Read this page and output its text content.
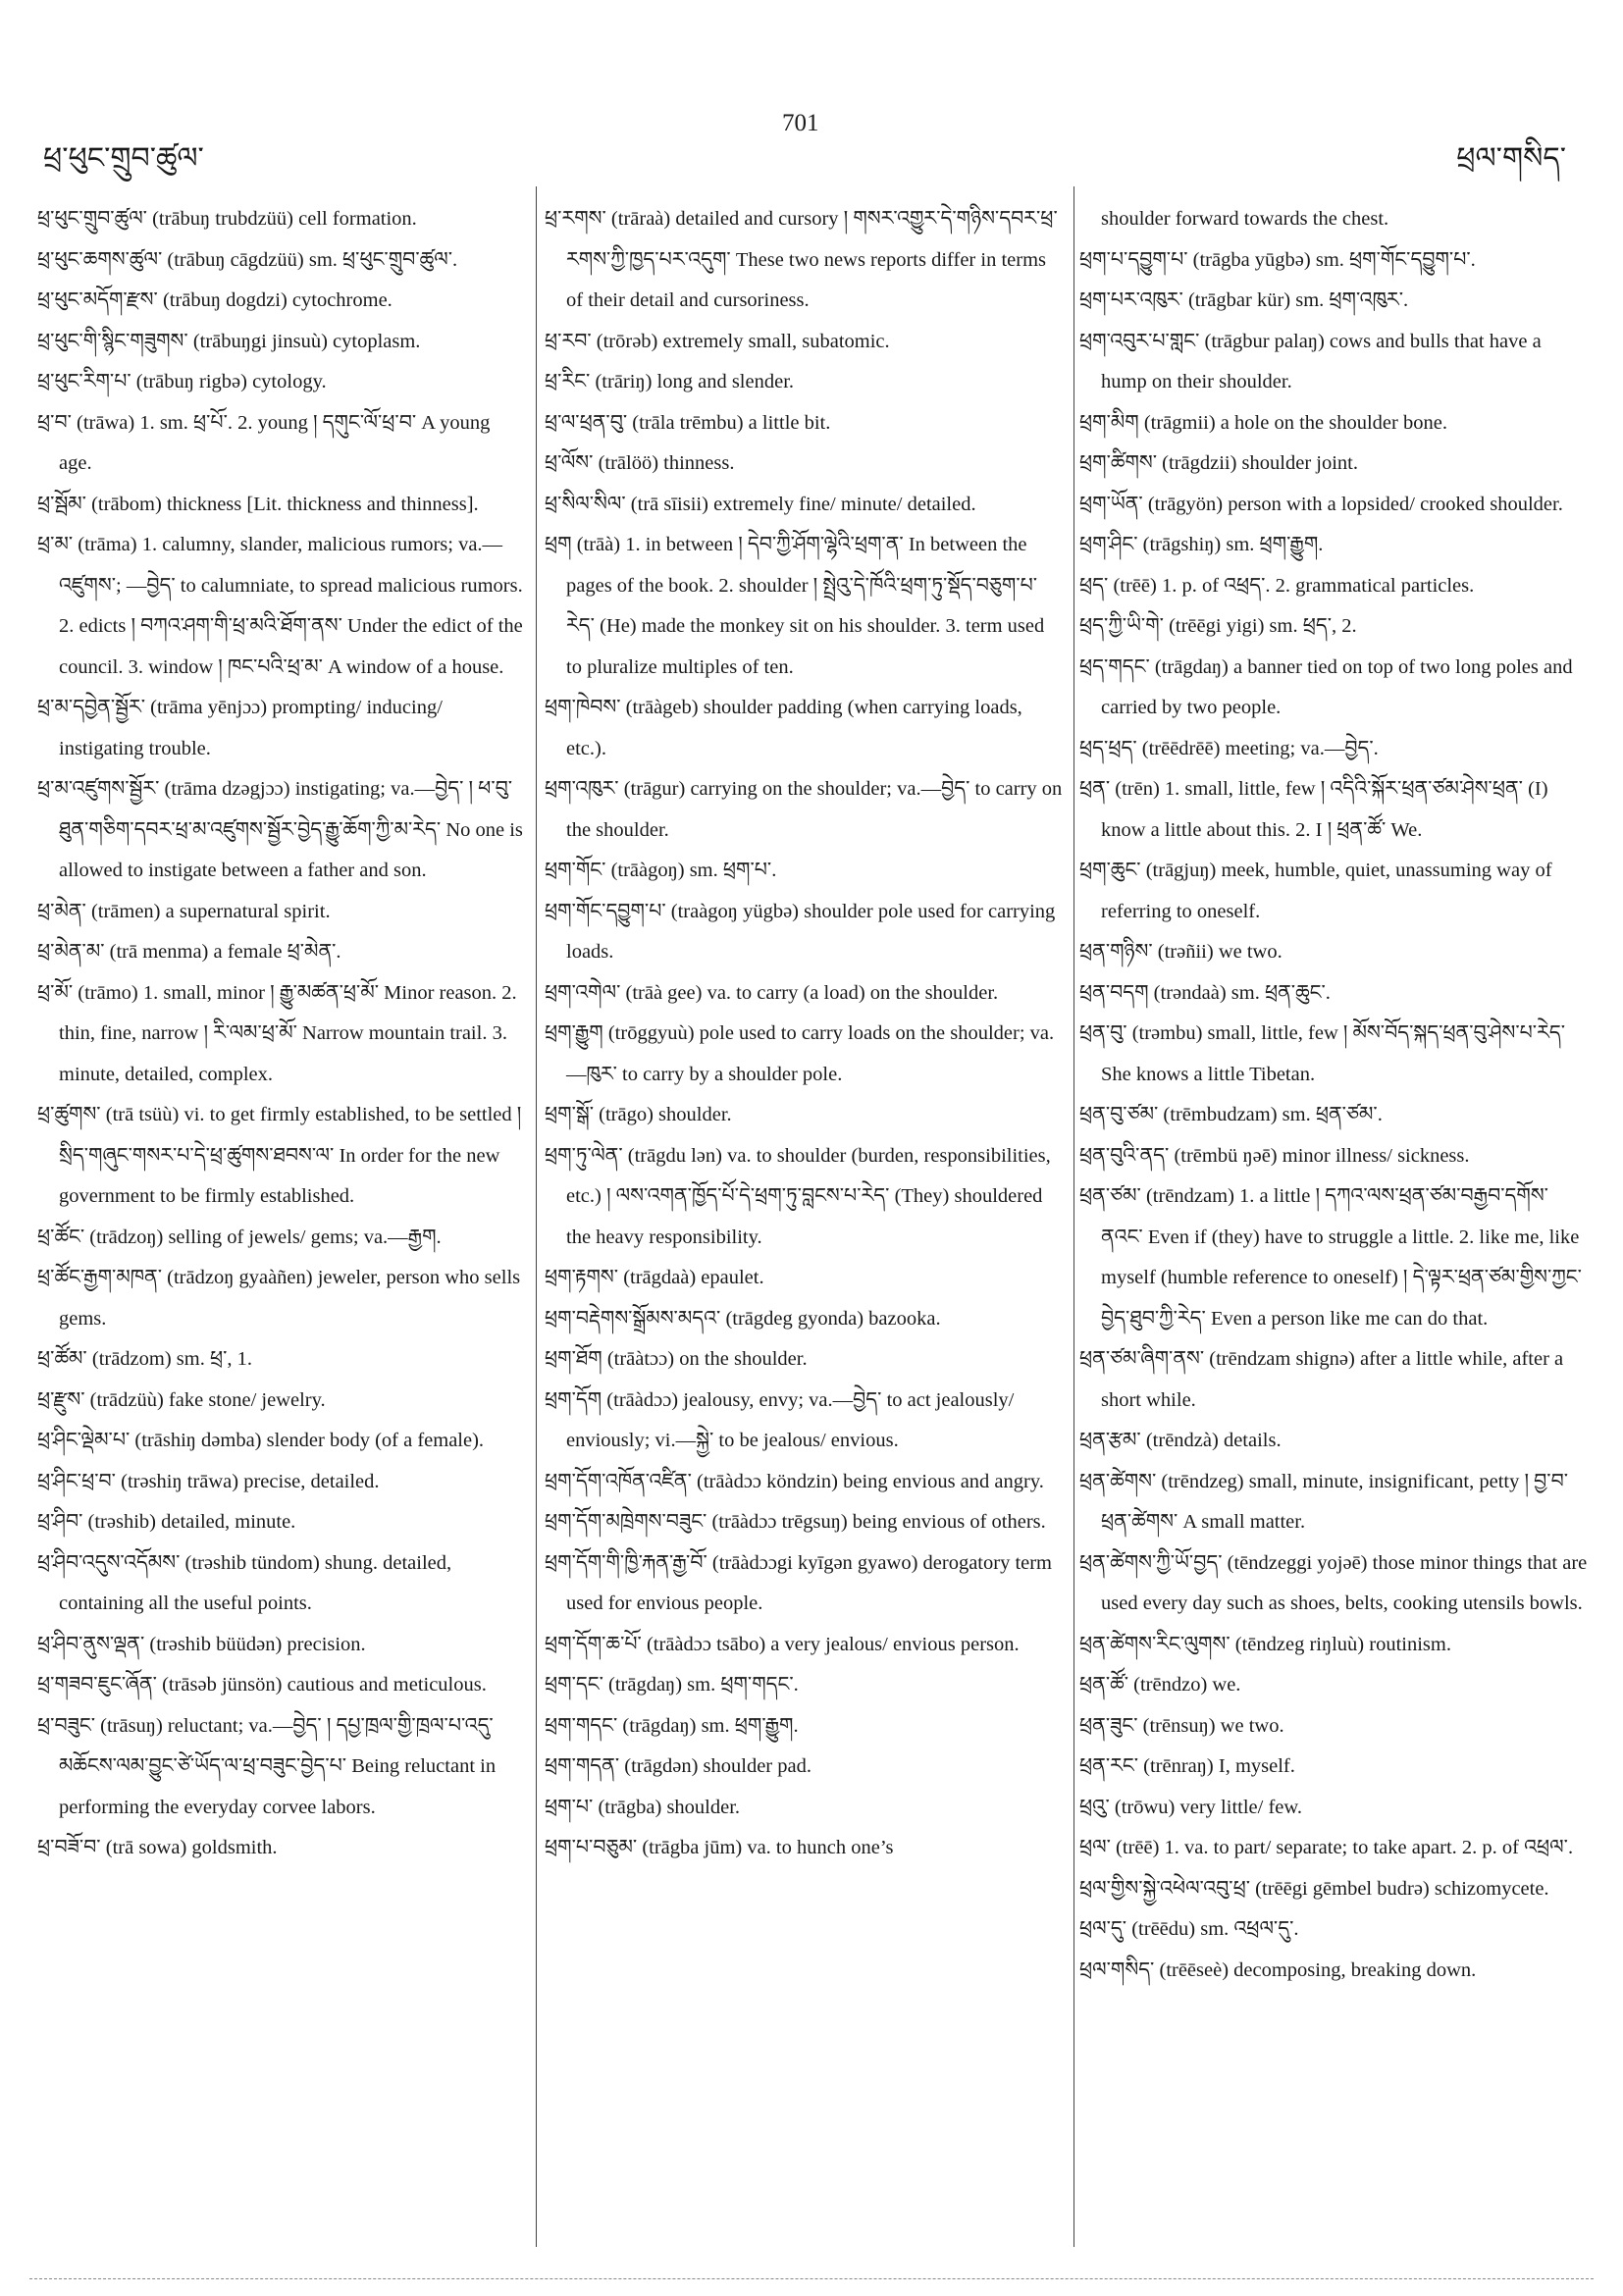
ཕྲ་ཕུང་གྲུབ་ཚུལ་
701
ཕྲལ་གསིད་

ཕྲ་ཕུང་གྲུབ་ཚུལ་ (trābuŋ trubdzüü) cell formation.

ཕྲ་ཕུང་ཆགས་ཚུལ་ (trābuŋ cāgdzüü) sm. ཕྲ་ཕུང་གྲུབ་ཚུལ་.

ཕྲ་ཕུང་མདོག་རྫས་ (trābuŋ dogdzi) cytochrome.

ཕྲ་ཕུང་གི་སྙིང་གཟུགས་ (trābuŋgi jinsuù) cytoplasm.

ཕྲ་ཕུང་རིག་པ་ (trābuŋ rigbə) cytology.

ཕྲ་བ་ (trāwa) 1. sm. ཕྲ་པོ་. 2. young ། དགུང་ལོ་ཕྲ་བ་ A young age.

ཕྲ་སྦོམ་ (trābom) thickness [Lit. thickness and thinness].

ཕྲ་མ་ (trāma) 1. calumny, slander, malicious rumors; va.—འཛུགས་; —བྱེད་ to calumniate, to spread malicious rumors. 2. edicts ། བཀའ་ཤག་གི་ཕྲ་མའི་ཐོག་ནས་ Under the edict of the council. 3. window ། ཁང་པའི་ཕྲ་མ་ A window of a house.

ཕྲ་མ་དབྱེན་སྦྱོར་ (trāma yēnjɔɔ) prompting/ inducing/ instigating trouble.

ཕྲ་མ་འཛུགས་སྦྱོར་ (trāma dzəgjɔɔ) instigating; va.—བྱེད་ ། ཕ་བུ་ཐུན་གཅིག་དབར་ཕྲ་མ་འཛུགས་སྦྱོར་བྱེད་རྒྱུ་ཆོག་ཀྱི་མ་རེད་ No one is allowed to instigate between a father and son.

ཕྲ་མེན་ (trāmen) a supernatural spirit.

ཕྲ་མེན་མ་ (trā menma) a female ཕྲ་མེན་.

ཕྲ་མོ་ (trāmo) 1. small, minor ། རྒྱུ་མཚན་ཕྲ་མོ་ Minor reason. 2. thin, fine, narrow ། རི་ལམ་ཕྲ་མོ་ Narrow mountain trail. 3. minute, detailed, complex.

ཕྲ་ཚུགས་ (trā tsüù) vi. to get firmly established, to be settled ། སྲིད་གཞུང་གསར་པ་དེ་ཕྲ་ཚུགས་ཐབས་ལ་ In order for the new government to be firmly established.

ཕྲ་ཚོང་ (trādzoŋ) selling of jewels/ gems; va.—རྒྱག.

ཕྲ་ཚོང་རྒྱག་མཁན་ (trādzoŋ gyaàñen) jeweler, person who sells gems.

ཕྲ་ཚོམ་ (trādzom) sm. ཕྲ་, 1.

ཕྲ་རྫུས་ (trādzüù) fake stone/ jewelry.

ཕྲ་ཤིང་ལྡེམ་པ་ (trāshiŋ dəmba) slender body (of a female).

ཕྲ་ཤིང་ཕྲ་བ་ (trəshiŋ trāwa) precise, detailed.

ཕྲ་ཤིབ་ (trəshib) detailed, minute.

ཕྲ་ཤིབ་འདུས་འདོམས་ (trəshib tündom) shung. detailed, containing all the useful points.

ཕྲ་ཤིབ་ནུས་ལྡན་ (trəshib büüdən) precision.

ཕྲ་གཟབ་ཇུང་ཞོན་ (trāsəb jünsön) cautious and meticulous.

ཕྲ་བཟུང་ (trāsuŋ) reluctant; va.—བྱེད་ ། དཔྱ་ཁྲལ་གྱི་ཁྲལ་པ་འདུ་མཆོངས་ལམ་བྱུང་ཙེ་ཡོད་ལ་ཕྲ་བཟུང་བྱེད་པ་ Being reluctant in performing the everyday corvee labors.

ཕྲ་བཟོ་བ་ (trā sowa) goldsmith.

ཕྲ་རགས་ (trāraà) detailed and cursory ། གསར་འགྱུར་དེ་གཉིས་དབར་ཕྲ་རགས་ཀྱི་ཁྱད་པར་འདུག་ These two news reports differ in terms of their detail and cursoriness.

ཕྲ་རབ་ (trōrəb) extremely small, subatomic.

ཕྲ་རིང་ (trāriŋ) long and slender.

ཕྲ་ལ་ཕྲན་བུ་ (trāla trēmbu) a little bit.

ཕྲ་ལོས་ (trālöö) thinness.

ཕྲ་སིལ་སིལ་ (trā sīisii) extremely fine/ minute/ detailed.

ཕྲག (trāà) 1. in between ། དེབ་ཀྱི་ཤོག་ལྷེའི་ཕྲག་ན་ In between the pages of the book. 2. shoulder ། སྤྲེའུ་དེ་ཁོའི་ཕྲག་ཏུ་སྡོད་བཅུག་པ་རེད་ (He) made the monkey sit on his shoulder. 3. term used to pluralize multiples of ten.

ཕྲག་ཁེབས་ (trāàgeb) shoulder padding (when carrying loads, etc.).

ཕྲག་འཁུར་ (trāgur) carrying on the shoulder; va.—བྱེད་ to carry on the shoulder.

ཕྲག་གོང་ (trāàgoŋ) sm. ཕྲག་པ་.

ཕྲག་གོང་དབྱུག་པ་ (traàgoŋ yügbə) shoulder pole used for carrying loads.

ཕྲག་འགེལ་ (trāà gee) va. to carry (a load) on the shoulder.

ཕྲག་རྒྱུག (trōggyuù) pole used to carry loads on the shoulder; va.—ཁུར་ to carry by a shoulder pole.

ཕྲག་སྒོ་ (trāgo) shoulder.

ཕྲག་ཏུ་ལེན་ (trāgdu lən) va. to shoulder (burden, responsibilities, etc.) ། ལས་འགན་ཁྱོད་པོ་དེ་ཕྲག་ཏུ་བླངས་པ་རེད་ (They) shouldered the heavy responsibility.

ཕྲག་རྟགས་ (trāgdaà) epaulet.

ཕྲག་བརྡེགས་སྒྲོམས་མདའ་ (trāgdeg gyonda) bazooka.

ཕྲག་ཐོག (trāàtɔɔ) on the shoulder.

ཕྲག་དོག (trāàdɔɔ) jealousy, envy; va.—བྱེད་ to act jealously/ enviously; vi.—སྐྱེ་ to be jealous/ envious.

ཕྲག་དོག་འཁོན་འཛིན་ (trāàdɔɔ köndzin) being envious and angry.

ཕྲག་དོག་མཁྲེགས་བཟུང་ (trāàdɔɔ trēgsuŋ) being envious of others.

ཕྲག་དོག་གི་ཁྱི་རྐན་རྒྱ་བོ་ (trāàdɔɔgi kyīgən gyawo) derogatory term used for envious people.

ཕྲག་དོག་ཆ་པོ་ (trāàdɔɔ tsābo) a very jealous/ envious person.

ཕྲག་དང་ (trāgdaŋ) sm. ཕྲག་གདང་.

ཕྲག་གདང་ (trāgdaŋ) sm. ཕྲག་རྒྱུག.

ཕྲག་གདན་ (trāgdən) shoulder pad.

ཕྲག་པ་ (trāgba) shoulder.

ཕྲག་པ་བཅུམ་ (trāgba jūm) va. to hunch one’s

shoulder forward towards the chest.

ཕྲག་པ་དབྱུག་པ་ (trāgba yūgbə) sm. ཕྲག་གོང་དབྱུག་པ་.

ཕྲག་པར་འཁུར་ (trāgbar kür) sm. ཕྲག་འཁུར་.

ཕྲག་འབུར་པ་གླང་ (trāgbur palaŋ) cows and bulls that have a hump on their shoulder.

ཕྲག་མིག (trāgmii) a hole on the shoulder bone.

ཕྲག་ཚིགས་ (trāgdzii) shoulder joint.

ཕྲག་ཡོན་ (trāgyön) person with a lopsided/ crooked shoulder.

ཕྲག་ཤིང་ (trāgshiŋ) sm. ཕྲག་རྒྱུག.

ཕྲད་ (trēē) 1. p. of འཕྲད་. 2. grammatical particles.

ཕྲད་ཀྱི་ཡི་གེ་ (trēēgi yigi) sm. ཕྲད་, 2.

ཕྲད་གདང་ (trāgdaŋ) a banner tied on top of two long poles and carried by two people.

ཕྲད་ཕྲད་ (trēēdrēē) meeting; va.—བྱེད་.

ཕྲན་ (trēn) 1. small, little, few ། འདིའི་སྐོར་ཕྲན་ཙམ་ཤེས་ཕྲན་ (I) know a little about this. 2. I ། ཕྲན་ཚོ་ We.

ཕྲག་ཆུང་ (trāgjuŋ) meek, humble, quiet, unassuming way of referring to oneself.

ཕྲན་གཉིས་ (trəñii) we two.

ཕྲན་བདག (trəndaà) sm. ཕྲན་ཆུང་.

ཕྲན་བུ་ (trəmbu) small, little, few ། མོས་བོད་སྐད་ཕྲན་བུ་ཤེས་པ་རེད་ She knows a little Tibetan.

ཕྲན་བུ་ཙམ་ (trēmbudzam) sm. ཕྲན་ཙམ་.

ཕྲན་བུའི་ནད་ (trēmbü ŋəē) minor illness/ sickness.

ཕྲན་ཙམ་ (trēndzam) 1. a little ། དཀའ་ལས་ཕྲན་ཙམ་བརྒྱབ་དགོས་ནའང་ Even if (they) have to struggle a little. 2. like me, like myself (humble reference to oneself) ། དེ་ལྟར་ཕྲན་ཙམ་གྱིས་ཀྱང་བྱེད་ཐུབ་ཀྱི་རེད་ Even a person like me can do that.

ཕྲན་ཙམ་ཞིག་ནས་ (trēndzam shignə) after a little while, after a short while.

ཕྲན་རྩམ་ (trēndzà) details.

ཕྲན་ཚེགས་ (trēndzeg) small, minute, insignificant, petty ། བྱ་བ་ཕྲན་ཚེགས་ A small matter.

ཕྲན་ཚེགས་ཀྱི་ཡོ་བྱད་ (tēndzeggi yojəē) those minor things that are used every day such as shoes, belts, cooking utensils bowls.

ཕྲན་ཚེགས་རིང་ལུགས་ (tēndzeg riŋluù) routinism.

ཕྲན་ཚོ་ (trēndzo) we.

ཕྲན་ཟུང་ (trēnsuŋ) we two.

ཕྲན་རང་ (trēnraŋ) I, myself.

ཕྲའུ་ (trōwu) very little/ few.

ཕྲལ་ (trēē) 1. va. to part/ separate; to take apart. 2. p. of འཕྲལ་.

ཕྲལ་གྱིས་སྐྱེ་འཕེལ་འབུ་ཕྲ་ (trēēgi gēmbel budrə) schizomycete.

ཕྲལ་དུ་ (trēēdu) sm. འཕྲལ་དུ་.

ཕྲལ་གསིད་ (trēēseè) decomposing, breaking down.
